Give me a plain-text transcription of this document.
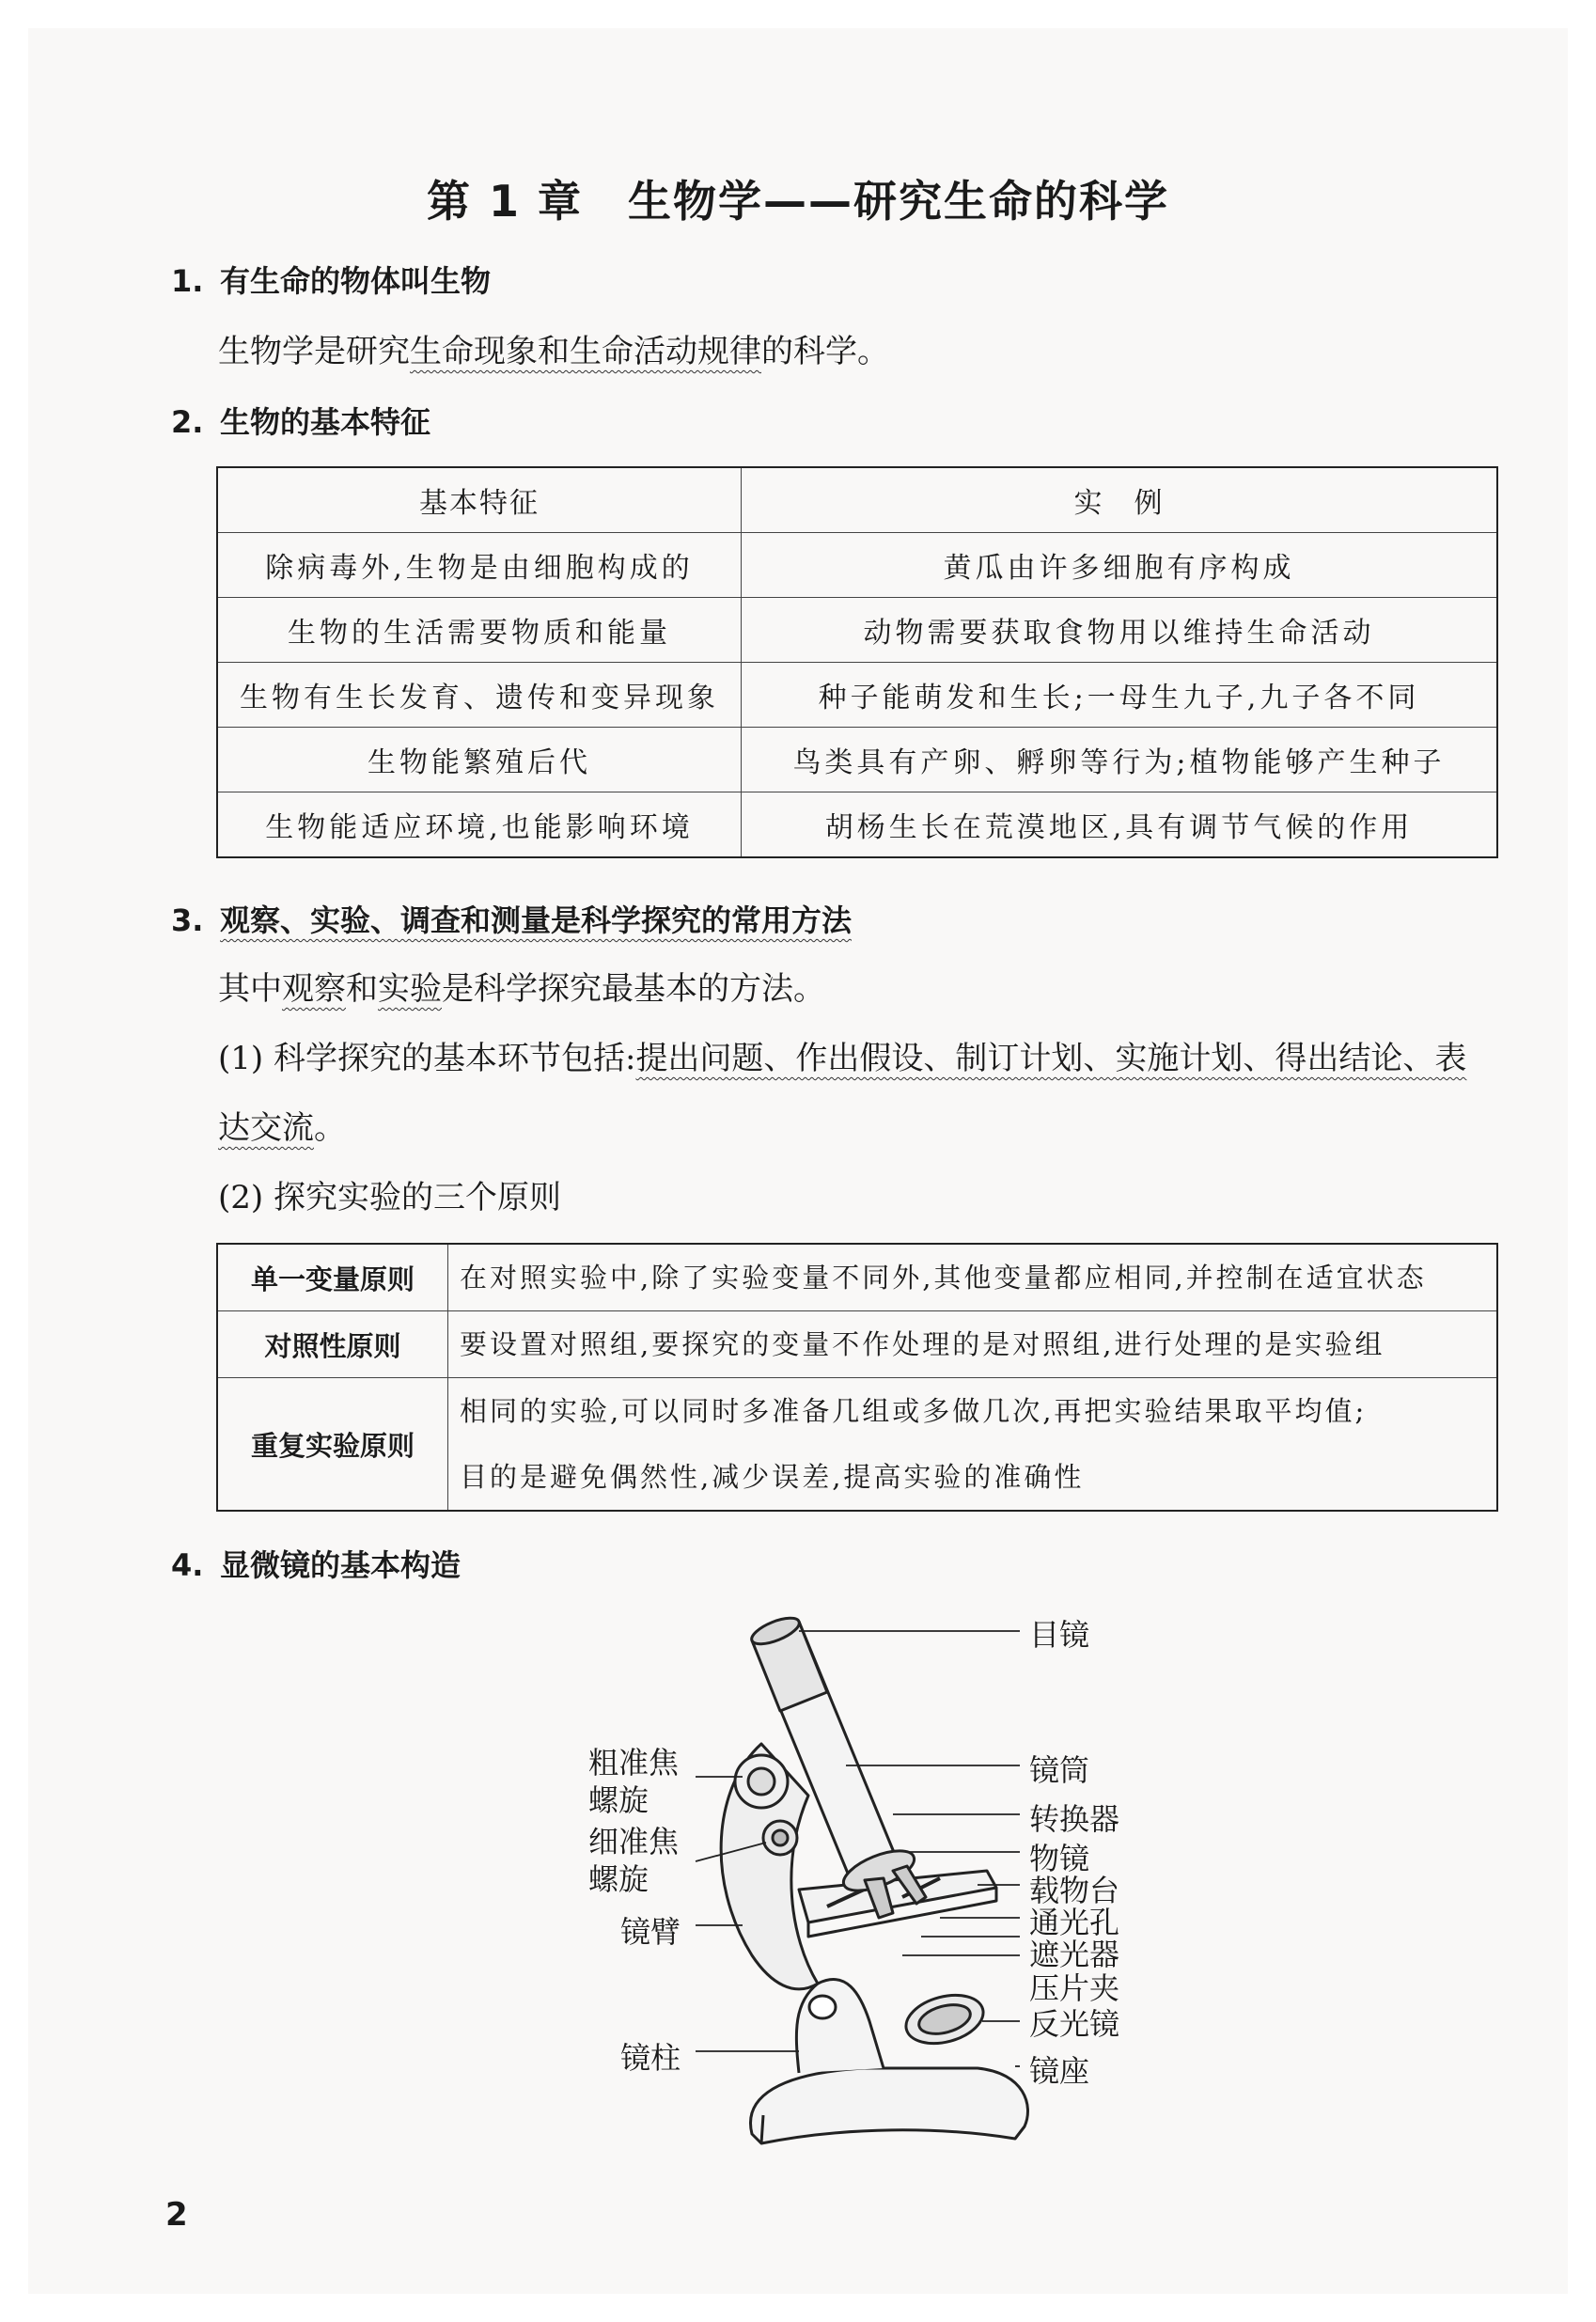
第 1 章　生物学——研究生命的科学
1. 有生命的物体叫生物
生物学是研究生命现象和生命活动规律的科学。
2. 生物的基本特征
基本特征	实　例
除病毒外,生物是由细胞构成的	黄瓜由许多细胞有序构成
生物的生活需要物质和能量	动物需要获取食物用以维持生命活动
生物有生长发育、遗传和变异现象	种子能萌发和生长;一母生九子,九子各不同
生物能繁殖后代	鸟类具有产卵、孵卵等行为;植物能够产生种子
生物能适应环境,也能影响环境	胡杨生长在荒漠地区,具有调节气候的作用
3. 观察、实验、调查和测量是科学探究的常用方法
其中观察和实验是科学探究最基本的方法。
(1) 科学探究的基本环节包括:提出问题、作出假设、制订计划、实施计划、得出结论、表
达交流。
(2) 探究实验的三个原则
单一变量原则	在对照实验中,除了实验变量不同外,其他变量都应相同,并控制在适宜状态

对照性原则	要设置对照组,要探究的变量不作处理的是对照组,进行处理的是实验组

重复实验原则	相同的实验,可以同时多准备几组或多做几次,再把实验结果取平均值;
目的是避免偶然性,减少误差,提高实验的准确性
4. 显微镜的基本构造
目镜
镜筒
转换器
物镜
载物台
通光孔
遮光器
压片夹
反光镜
镜座
粗准焦
螺旋
细准焦
螺旋
镜臂
镜柱
2
